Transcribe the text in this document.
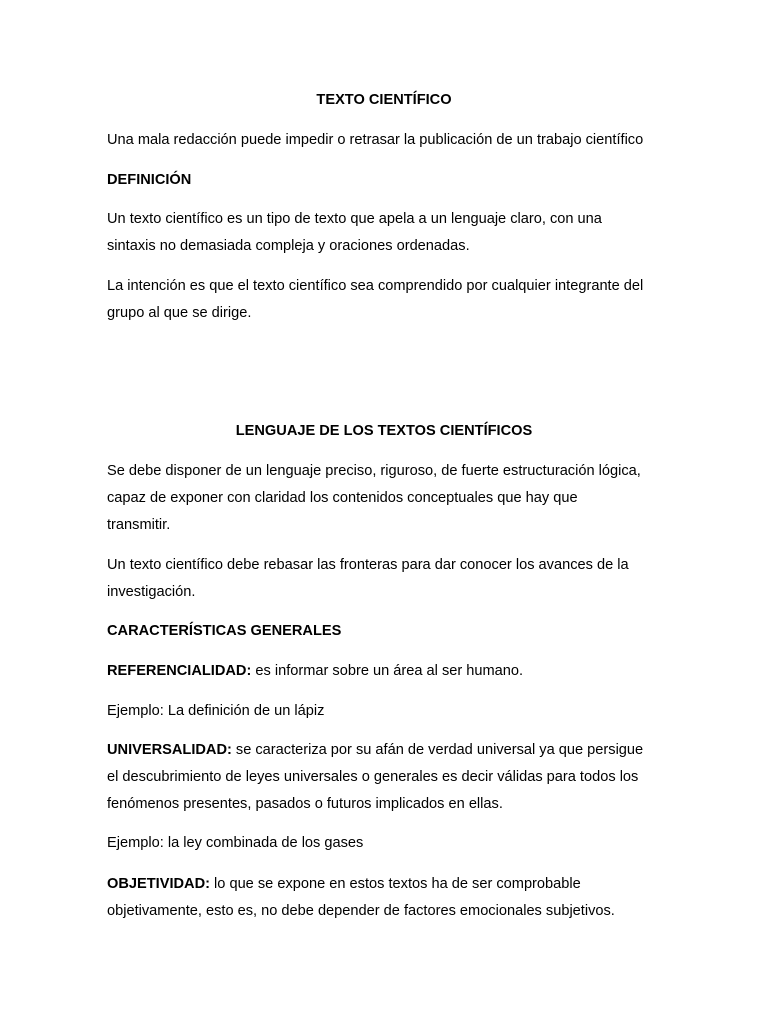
TEXTO CIENTÍFICO
Una mala redacción puede impedir o retrasar la publicación de un trabajo científico
DEFINICIÓN
Un texto científico es un tipo de texto que apela a un lenguaje claro, con una
sintaxis no demasiada compleja y oraciones ordenadas.
La intención es que el texto científico sea comprendido por cualquier integrante del
grupo al que se dirige.
LENGUAJE DE LOS TEXTOS CIENTÍFICOS
Se debe disponer de un lenguaje preciso, riguroso, de fuerte estructuración lógica,
capaz de exponer con claridad los contenidos conceptuales que hay que
transmitir.
Un texto científico debe rebasar las fronteras para dar conocer los avances de la
investigación.
CARACTERÍSTICAS GENERALES
REFERENCIALIDAD: es informar sobre un área al ser humano.
Ejemplo: La definición de un lápiz
UNIVERSALIDAD: se caracteriza por su afán de verdad universal ya que persigue
el descubrimiento de leyes universales o generales es decir válidas para todos los
fenómenos presentes, pasados o futuros implicados en ellas.
Ejemplo: la ley combinada de los gases
OBJETIVIDAD: lo que se expone en estos textos ha de ser comprobable
objetivamente, esto es, no debe depender de factores emocionales subjetivos.
